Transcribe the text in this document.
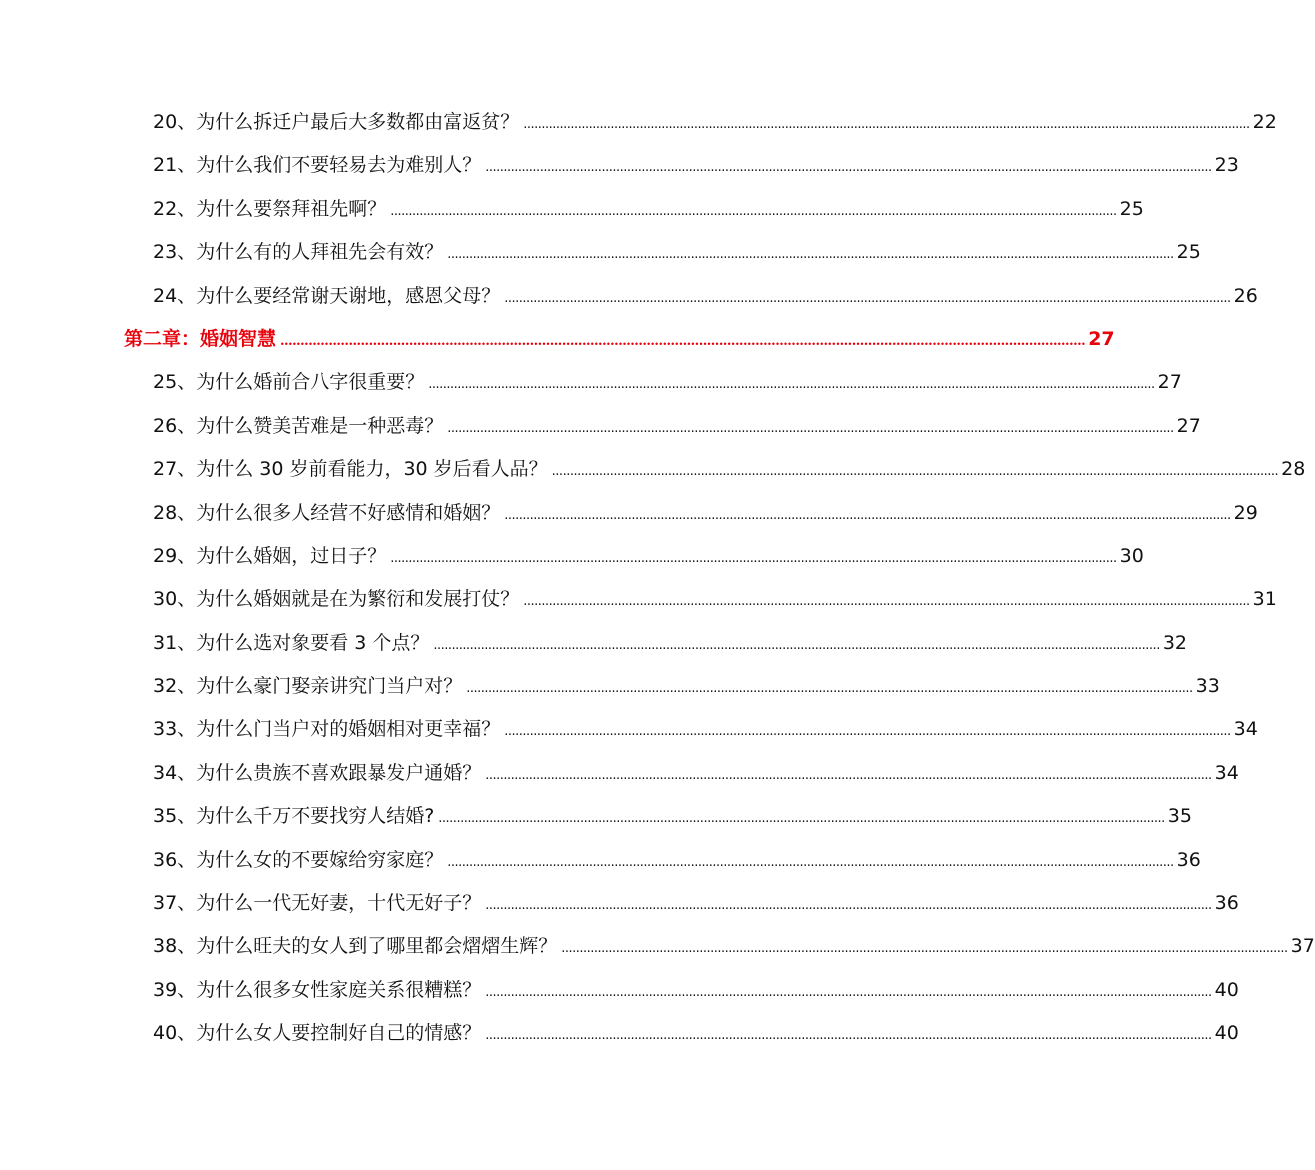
20、 为什么拆迁户最后大多数都由富返贫？ ........................................................................................................................................................................................................ 22
21、 为什么我们不要轻易去为难别人？ ........................................................................................................................................................................................................ 23
22、 为什么要祭拜祖先啊？ ........................................................................................................................................................................................................ 25
23、 为什么有的人拜祖先会有效？ ........................................................................................................................................................................................................ 25
24、 为什么要经常谢天谢地，感恩父母？ ........................................................................................................................................................................................................ 26
第二章：婚姻智慧 ........................................................................................................................................................................................................ 27
25、 为什么婚前合八字很重要？ ........................................................................................................................................................................................................ 27
26、 为什么赞美苦难是一种恶毒？ ........................................................................................................................................................................................................ 27
27、 为什么 30 岁前看能力，30 岁后看人品？ ........................................................................................................................................................................................................ 28
28、 为什么很多人经营不好感情和婚姻？ ........................................................................................................................................................................................................ 29
29、 为什么婚姻，过日子？ ........................................................................................................................................................................................................ 30
30、 为什么婚姻就是在为繁衍和发展打仗？ ........................................................................................................................................................................................................ 31
31、 为什么选对象要看 3 个点？ ........................................................................................................................................................................................................ 32
32、 为什么豪门娶亲讲究门当户对？ ........................................................................................................................................................................................................ 33
33、 为什么门当户对的婚姻相对更幸福？ ........................................................................................................................................................................................................ 34
34、 为什么贵族不喜欢跟暴发户通婚？ ........................................................................................................................................................................................................ 34
35、 为什么千万不要找穷人结婚? ........................................................................................................................................................................................................ 35
36、 为什么女的不要嫁给穷家庭？ ........................................................................................................................................................................................................ 36
37、 为什么一代无好妻，十代无好子？ ........................................................................................................................................................................................................ 36
38、 为什么旺夫的女人到了哪里都会熠熠生辉？ ........................................................................................................................................................................................................ 37
39、 为什么很多女性家庭关系很糟糕？ ........................................................................................................................................................................................................ 40
40、 为什么女人要控制好自己的情感？ ........................................................................................................................................................................................................ 40
